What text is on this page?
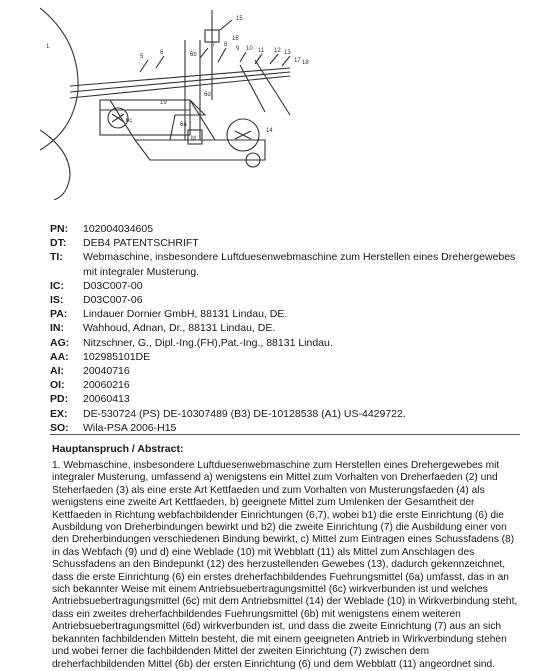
1
5
6
6c
6a
6b
6d
7 8
9 10 11 12 13
14
15
16
17 18
19
M
PN:	102004034605
DT:	DEB4 PATENTSCHRIFT
TI:	Webmaschine, insbesondere Luftduesenwebmaschine zum Herstellen eines Drehergewebes mit integraler Musterung.
IC:	D03C007-00
IS:	D03C007-06
PA:	Lindauer Dornier GmbH, 88131 Lindau, DE.
IN:	Wahhoud, Adnan, Dr., 88131 Lindau, DE.
AG:	Nitzschner, G., Dipl.-Ing.(FH),Pat.-Ing., 88131 Lindau.
AA:	102985101DE
AI:	20040716
OI:	20060216
PD:	20060413
EX:	DE-530724 (PS) DE-10307489 (B3) DE-10128538 (A1) US-4429722.
SO:	Wila-PSA 2006-H15
Hauptanspruch / Abstract:
1. Webmaschine, insbesondere Luftduesenwebmaschine zum Herstellen eines Drehergewebes mit integraler Musterung, umfassend a) wenigstens ein Mittel zum Vorhalten von Dreherfaeden (2) und Steherfaeden (3) als eine erste Art Kettfaeden und zum Vorhalten von Musterungsfaeden (4) als wenigstens eine zweite Art Kettfaeden, b) geeignete Mittel zum Umlenken der Gesamtheit der Kettfaeden in Richtung webfachbildender Einrichtungen (6,7), wobei b1) die erste Einrichtung (6) die Ausbildung von Dreherbindungen bewirkt und b2) die zweite Einrichtung (7) die Ausbildung einer von den Dreherbindungen verschiedenen Bindung bewirkt, c) Mittel zum Eintragen eines Schussfadens (8) in das Webfach (9) und d) eine Weblade (10) mit Webblatt (11) als Mittel zum Anschlagen des Schussfadens an den Bindepunkt (12) des herzustellenden Gewebes (13), dadurch gekennzeichnet, dass die erste Einrichtung (6) ein erstes dreherfachbildendes Fuehrungsmittel (6a) umfasst, das in an sich bekannter Weise mit einem Antriebsuebertragungsmittel (6c) wirkverbunden ist und welches Antriebsuebertragungsmittel (6c) mit dem Antriebsmittel (14) der Weblade (10) in Wirkverbindung steht, dass ein zweites dreherfachbildendes Fuehrungsmittel (6b) mit wenigstens einem weiteren Antriebsuebertragungsmittel (6d) wirkverbunden ist, und dass die zweite Einrichtung (7) aus an sich bekannten fachbildenden Mitteln besteht, die mit einem geeigneten Antrieb in Wirkverbindung stehen und wobei ferner die fachbildenden Mittel der zweiten Einrichtung (7) zwischen dem dreherfachbildenden Mittel (6b) der ersten Einrichtung (6) und dem Webblatt (11) angeordnet sind.
